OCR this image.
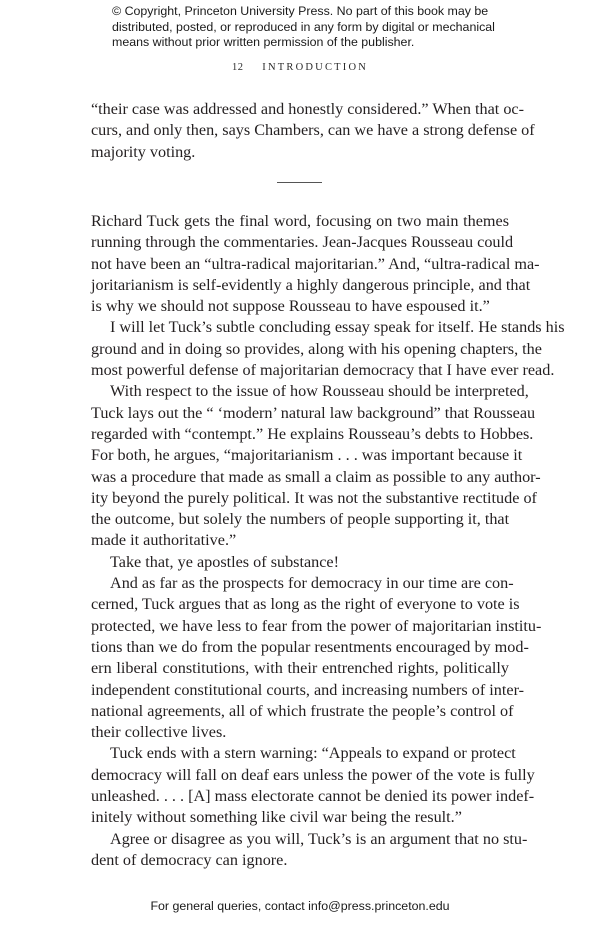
© Copyright, Princeton University Press. No part of this book may be
distributed, posted, or reproduced in any form by digital or mechanical
means without prior written permission of the publisher.
12 INTRODUCTION
“their case was addressed and honestly considered.” When that oc-
curs, and only then, says Chambers, can we have a strong defense of
majority voting.
Richard Tuck gets the final word, focusing on two main themes
running through the commentaries. Jean-Jacques Rousseau could
not have been an “ultra-radical majoritarian.” And, “ultra-radical ma-
joritarianism is self-evidently a highly dangerous principle, and that
is why we should not suppose Rousseau to have espoused it.”
I will let Tuck’s subtle concluding essay speak for itself. He stands his
ground and in doing so provides, along with his opening chapters, the
most powerful defense of majoritarian democracy that I have ever read.
With respect to the issue of how Rousseau should be interpreted,
Tuck lays out the “ ‘modern’ natural law background” that Rousseau
regarded with “contempt.” He explains Rousseau’s debts to Hobbes.
For both, he argues, “majoritarianism . . . was important because it
was a procedure that made as small a claim as possible to any author-
ity beyond the purely political. It was not the substantive rectitude of
the outcome, but solely the numbers of people supporting it, that
made it authoritative.”
Take that, ye apostles of substance!
And as far as the prospects for democracy in our time are con-
cerned, Tuck argues that as long as the right of everyone to vote is
protected, we have less to fear from the power of majoritarian institu-
tions than we do from the popular resentments encouraged by mod-
ern liberal constitutions, with their entrenched rights, politically
independent constitutional courts, and increasing numbers of inter-
national agreements, all of which frustrate the people’s control of
their collective lives.
Tuck ends with a stern warning: “Appeals to expand or protect
democracy will fall on deaf ears unless the power of the vote is fully
unleashed. . . . [A] mass electorate cannot be denied its power indef-
initely without something like civil war being the result.”
Agree or disagree as you will, Tuck’s is an argument that no stu-
dent of democracy can ignore.
For general queries, contact info@press.princeton.edu
